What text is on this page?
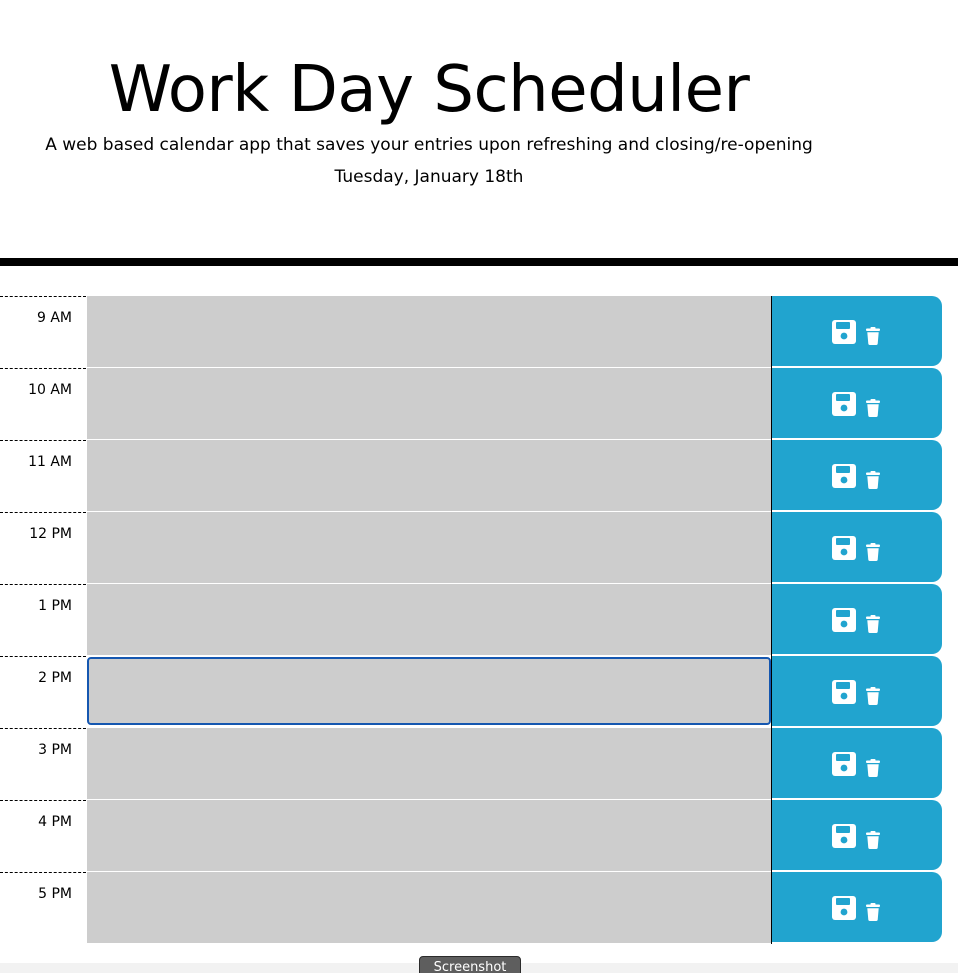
Work Day Scheduler

A web based calendar app that saves your entries upon refreshing and closing/re-opening

Tuesday, January 18th

9 AM
10 AM
11 AM
12 PM
1 PM
2 PM
3 PM
4 PM
5 PM
Screenshot
